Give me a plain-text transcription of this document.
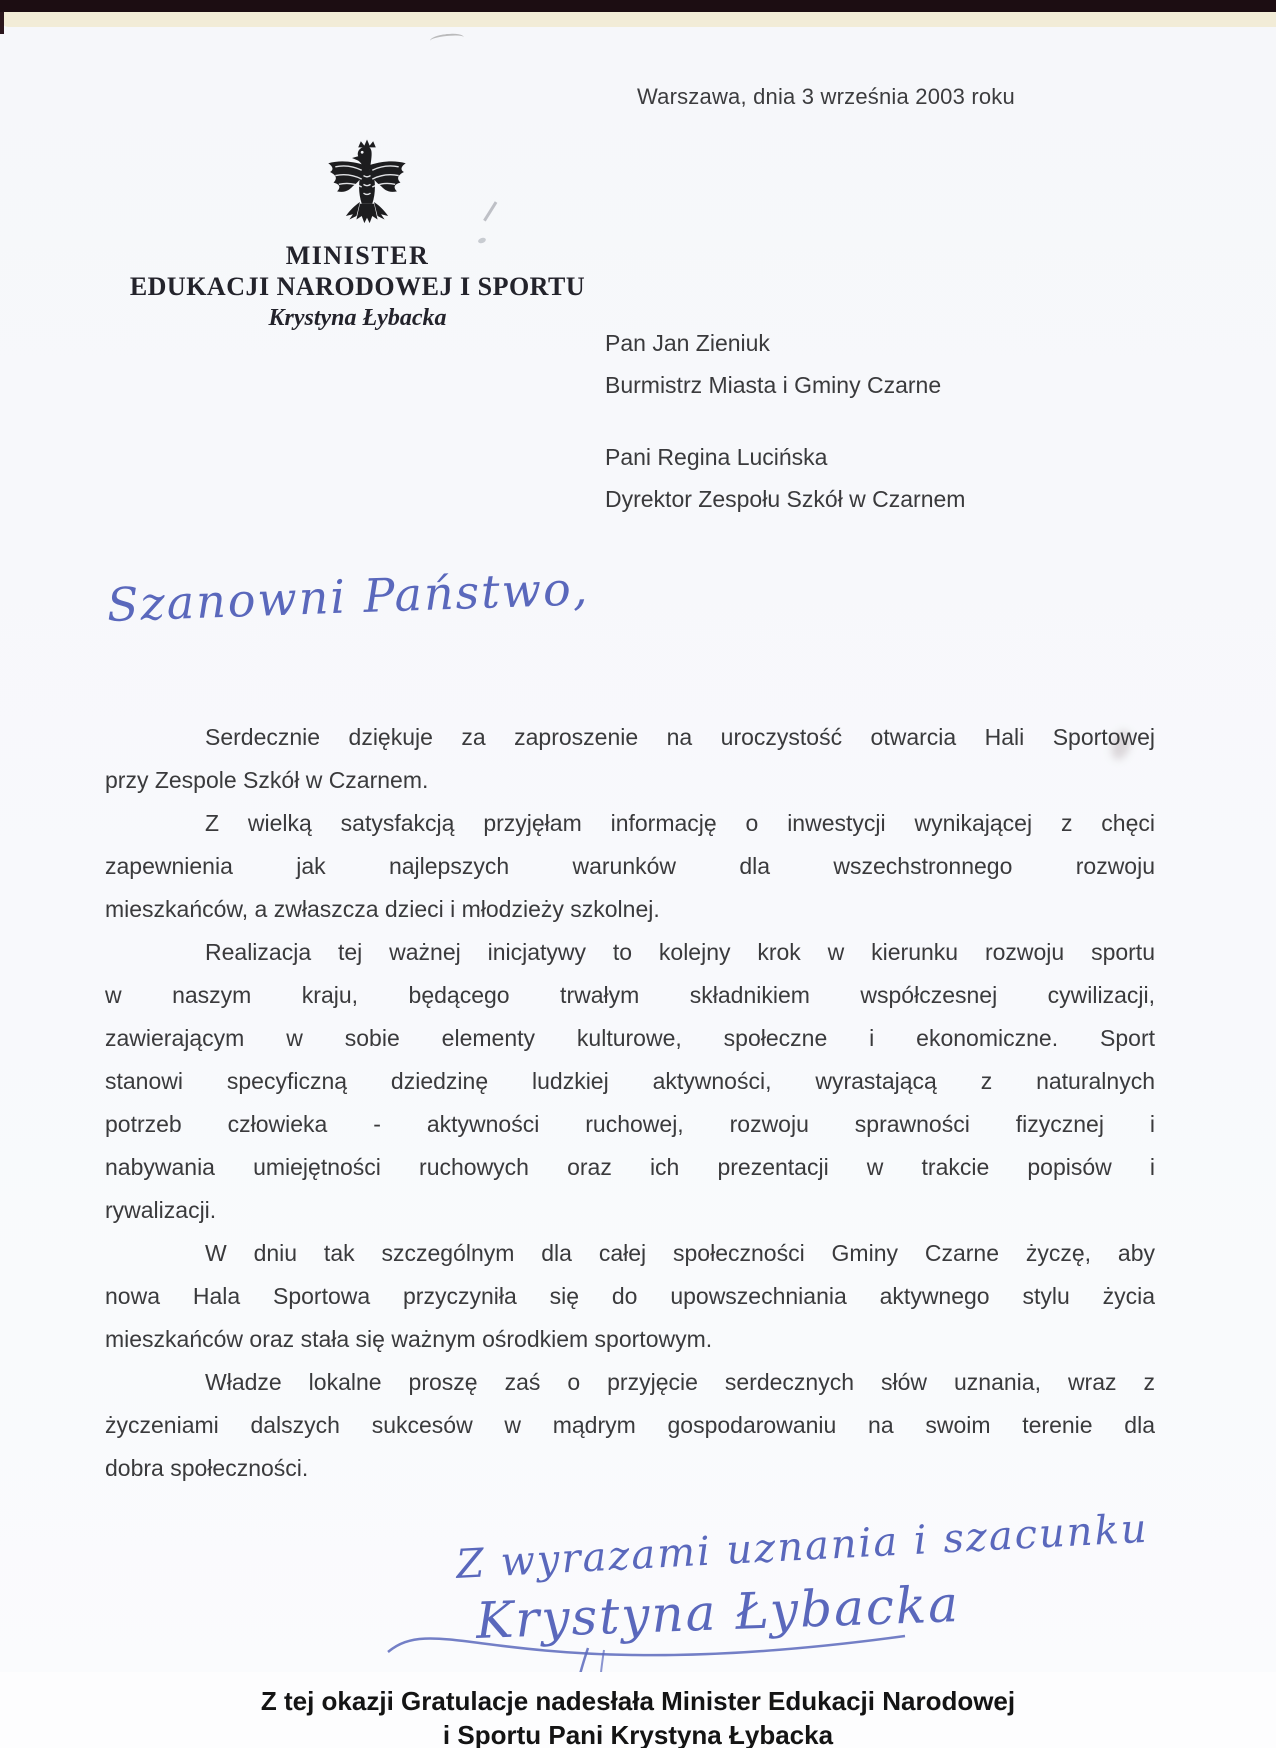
Warszawa, dnia 3 września 2003 roku
MINISTER
EDUKACJI NARODOWEJ I SPORTU
Krystyna Łybacka
Pan Jan Zieniuk
Burmistrz Miasta i Gminy Czarne
Pani Regina Lucińska
Dyrektor Zespołu Szkół w Czarnem
Szanowni Państwo,
Serdecznie dziękuje za zaproszenie na uroczystość otwarcia Hali Sportowej
przy Zespole Szkół w Czarnem.
Z wielką satysfakcją przyjęłam informację o inwestycji wynikającej z chęci
zapewnienia jak najlepszych warunków dla wszechstronnego rozwoju
mieszkańców, a zwłaszcza dzieci i młodzieży szkolnej.
Realizacja tej ważnej inicjatywy to kolejny krok w kierunku rozwoju sportu
w naszym kraju, będącego trwałym składnikiem współczesnej cywilizacji,
zawierającym w sobie elementy kulturowe, społeczne i ekonomiczne. Sport
stanowi specyficzną dziedzinę ludzkiej aktywności, wyrastającą z naturalnych
potrzeb człowieka - aktywności ruchowej, rozwoju sprawności fizycznej i
nabywania umiejętności ruchowych oraz ich prezentacji w trakcie popisów i
rywalizacji.
W dniu tak szczególnym dla całej społeczności Gminy Czarne życzę, aby
nowa Hala Sportowa przyczyniła się do upowszechniania aktywnego stylu życia
mieszkańców oraz stała się ważnym ośrodkiem sportowym.
Władze lokalne proszę zaś o przyjęcie serdecznych słów uznania, wraz z
życzeniami dalszych sukcesów w mądrym gospodarowaniu na swoim terenie dla
dobra społeczności.
Z wyrazami uznania i szacunku
Krystyna Łybacka
Z tej okazji Gratulacje nadesłała Minister Edukacji Narodowej
i Sportu Pani Krystyna Łybacka
